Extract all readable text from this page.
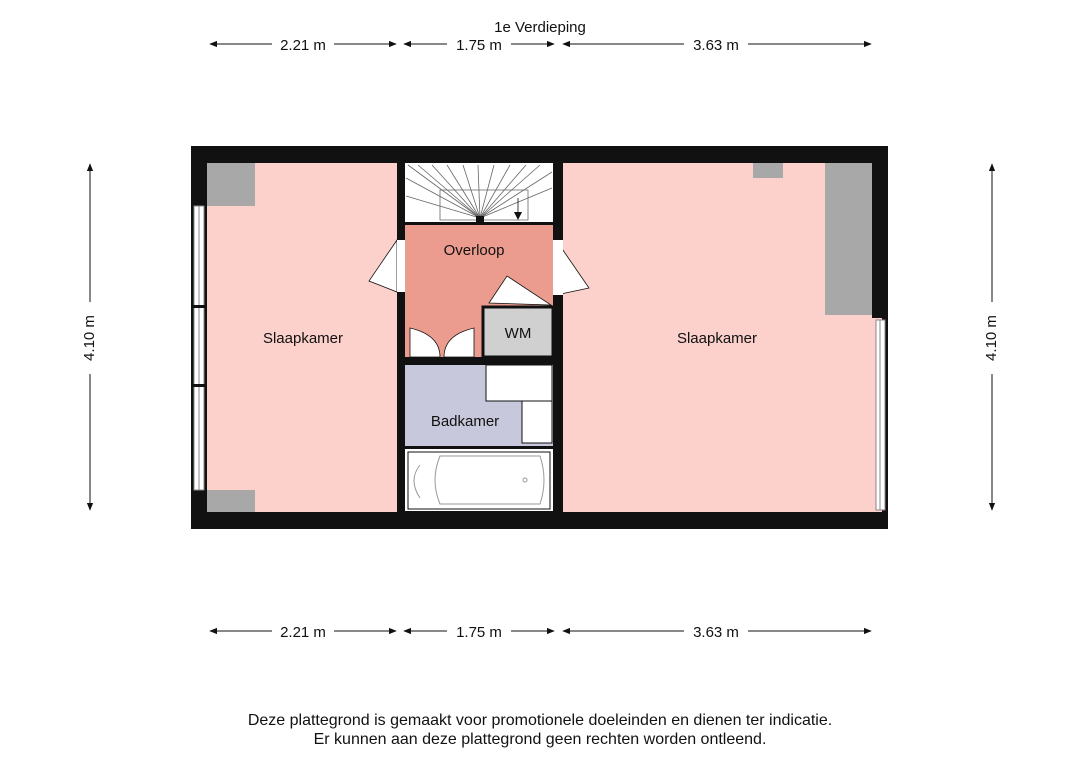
1e Verdieping
2.21 m	1.75 m	3.63 m
2.21 m	1.75 m	3.63 m
4.10 m	4.10 m
Slaapkamer
Overloop
WM
Badkamer
Slaapkamer
Deze plattegrond is gemaakt voor promotionele doeleinden en dienen ter indicatie.
Er kunnen aan deze plattegrond geen rechten worden ontleend.
